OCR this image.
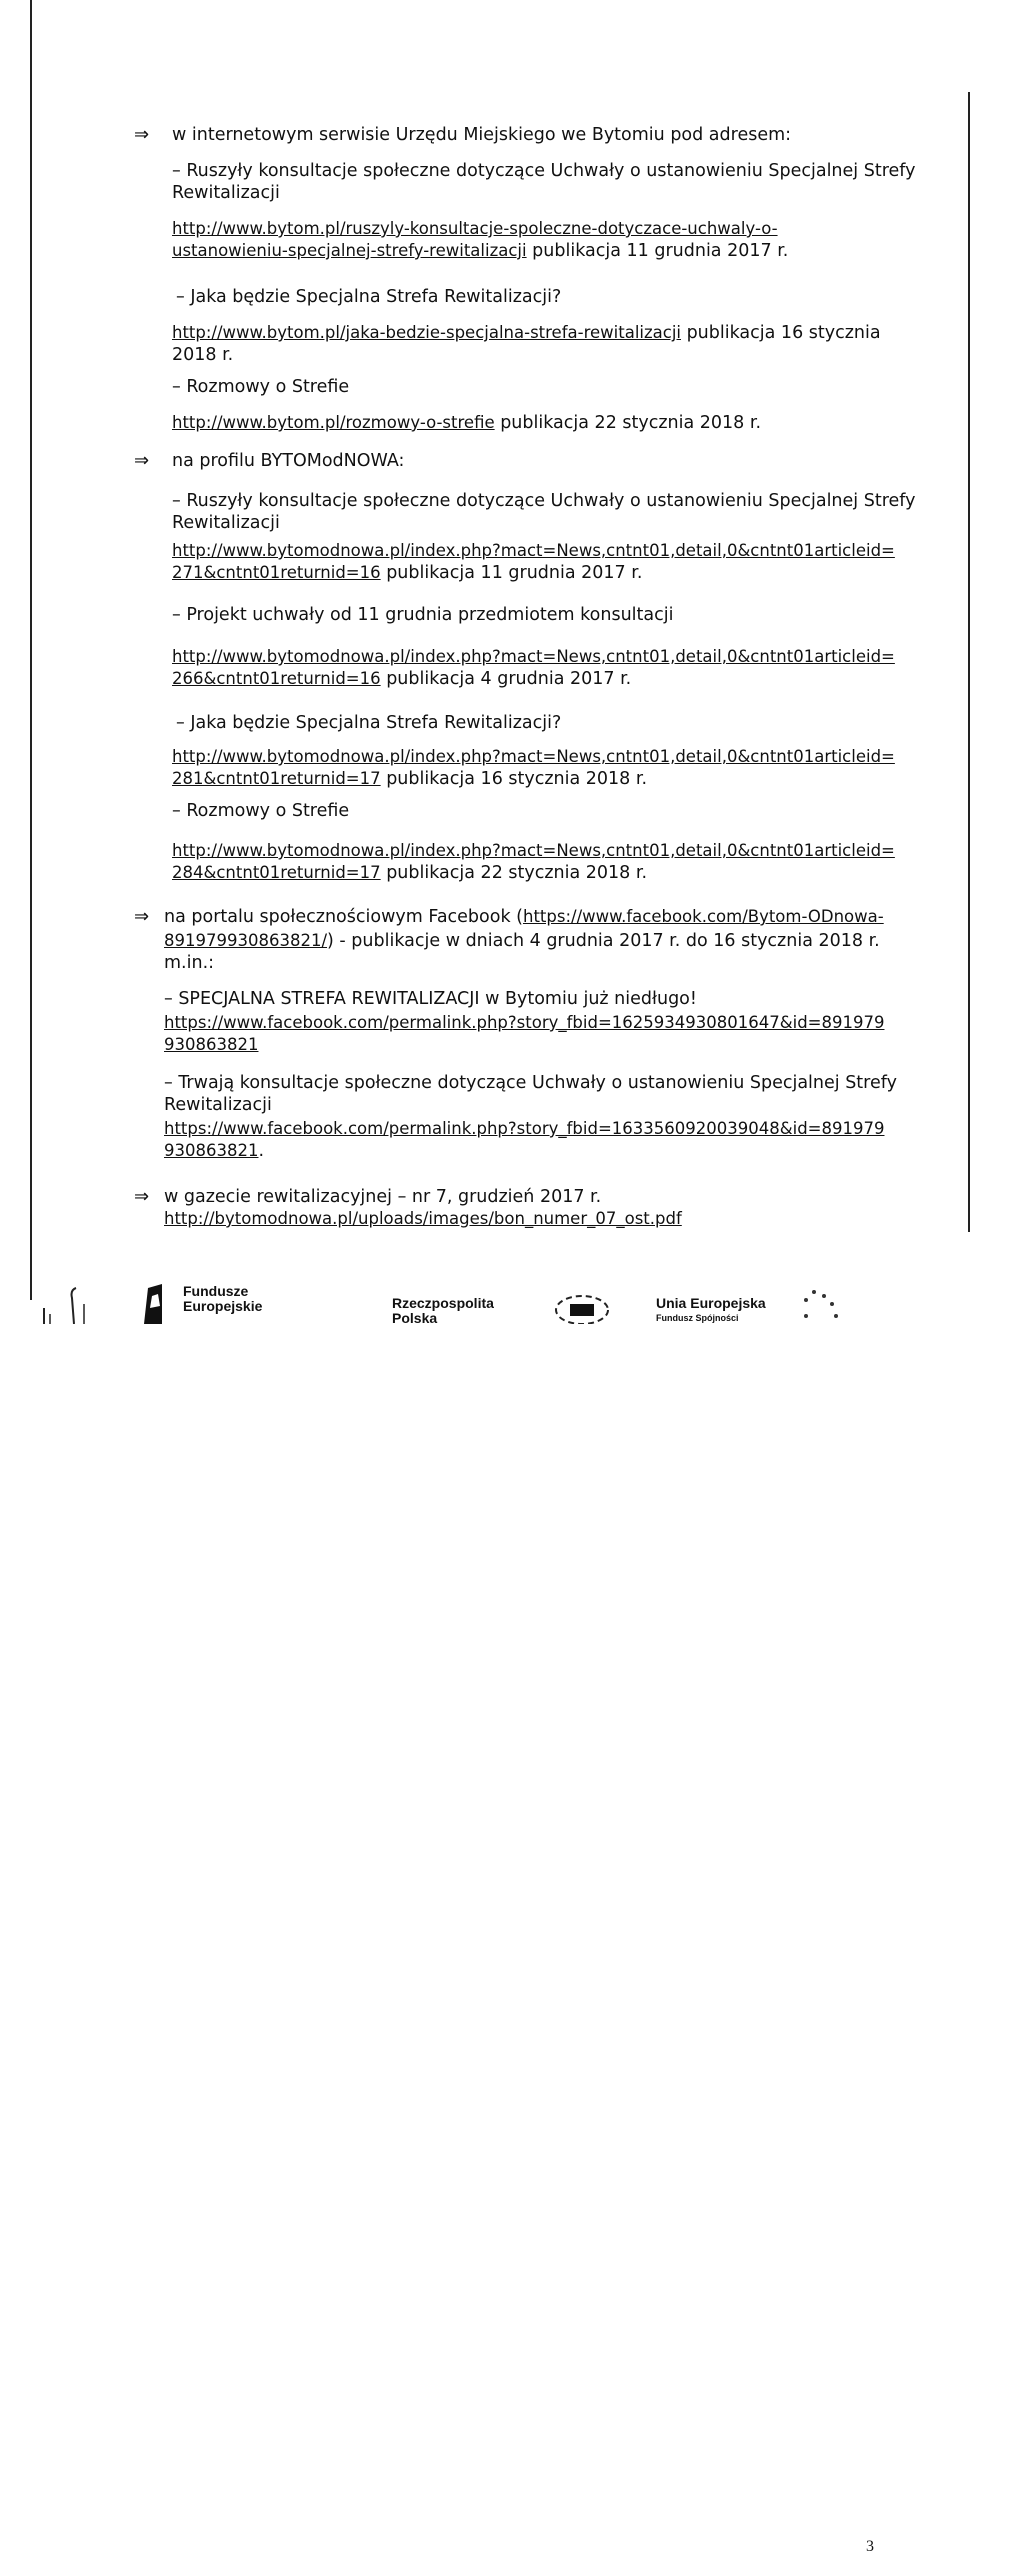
⇒ w internetowym serwisie Urzędu Miejskiego we Bytomiu pod adresem:
– Ruszyły konsultacje społeczne dotyczące Uchwały o ustanowieniu Specjalnej Strefy
Rewitalizacji
http://www.bytom.pl/ruszyly-konsultacje-spoleczne-dotyczace-uchwaly-o-
ustanowieniu-specjalnej-strefy-rewitalizacji publikacja 11 grudnia 2017 r.
– Jaka będzie Specjalna Strefa Rewitalizacji?
http://www.bytom.pl/jaka-bedzie-specjalna-strefa-rewitalizacji publikacja 16 stycznia
2018 r.
– Rozmowy o Strefie
http://www.bytom.pl/rozmowy-o-strefie publikacja 22 stycznia 2018 r.
⇒ na profilu BYTOModNOWA:
– Ruszyły konsultacje społeczne dotyczące Uchwały o ustanowieniu Specjalnej Strefy
Rewitalizacji
http://www.bytomodnowa.pl/index.php?mact=News,cntnt01,detail,0&cntnt01articleid=
271&cntnt01returnid=16 publikacja 11 grudnia 2017 r.
– Projekt uchwały od 11 grudnia przedmiotem konsultacji
http://www.bytomodnowa.pl/index.php?mact=News,cntnt01,detail,0&cntnt01articleid=
266&cntnt01returnid=16 publikacja 4 grudnia 2017 r.
– Jaka będzie Specjalna Strefa Rewitalizacji?
http://www.bytomodnowa.pl/index.php?mact=News,cntnt01,detail,0&cntnt01articleid=
281&cntnt01returnid=17 publikacja 16 stycznia 2018 r.
– Rozmowy o Strefie
http://www.bytomodnowa.pl/index.php?mact=News,cntnt01,detail,0&cntnt01articleid=
284&cntnt01returnid=17 publikacja 22 stycznia 2018 r.
⇒ na portalu społecznościowym Facebook (https://www.facebook.com/Bytom-ODnowa-
891979930863821/) - publikacje w dniach 4 grudnia 2017 r. do 16 stycznia 2018 r.
m.in.:
– SPECJALNA STREFA REWITALIZACJI w Bytomiu już niedługo!
https://www.facebook.com/permalink.php?story_fbid=1625934930801647&id=891979
930863821
– Trwają konsultacje społeczne dotyczące Uchwały o ustanowieniu Specjalnej Strefy
Rewitalizacji
https://www.facebook.com/permalink.php?story_fbid=1633560920039048&id=891979
930863821.
⇒ w gazecie rewitalizacyjnej – nr 7, grudzień 2017 r.
http://bytomodnowa.pl/uploads/images/bon_numer_07_ost.pdf
Fundusze
Europejskie	Rzeczpospolita
Polska
Unia Europejska
Fundusz Spójności
3
